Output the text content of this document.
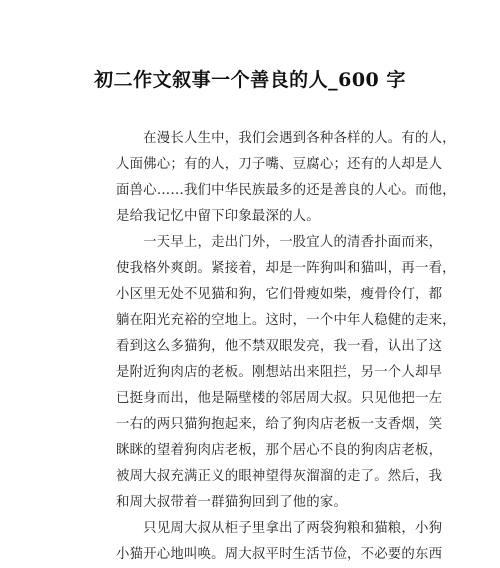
初二作文叙事一个善良的人_600 字
　　在漫长人生中，我们会遇到各种各样的人。有的人，
人面佛心；有的人，刀子嘴、豆腐心；还有的人却是人
面兽心……我们中华民族最多的还是善良的人心。而他，
是给我记忆中留下印象最深的人。
　　一天早上，走出门外，一股宜人的清香扑面而来，
使我格外爽朗。紧接着，却是一阵狗叫和猫叫，再一看，
小区里无处不见猫和狗，它们骨瘦如柴，瘦骨伶仃，都
躺在阳光充裕的空地上。这时，一个中年人稳健的走来，
看到这么多猫狗，他不禁双眼发亮，我一看，认出了这
是附近狗肉店的老板。刚想站出来阻拦，另一个人却早
已挺身而出，他是隔壁楼的邻居周大叔。只见他把一左
一右的两只猫狗抱起来，给了狗肉店老板一支香烟，笑
眯眯的望着狗肉店老板，那个居心不良的狗肉店老板，
被周大叔充满正义的眼神望得灰溜溜的走了。然后，我
和周大叔带着一群猫狗回到了他的家。
　　只见周大叔从柜子里拿出了两袋狗粮和猫粮，小狗
小猫开心地叫唤。周大叔平时生活节俭，不必要的东西
